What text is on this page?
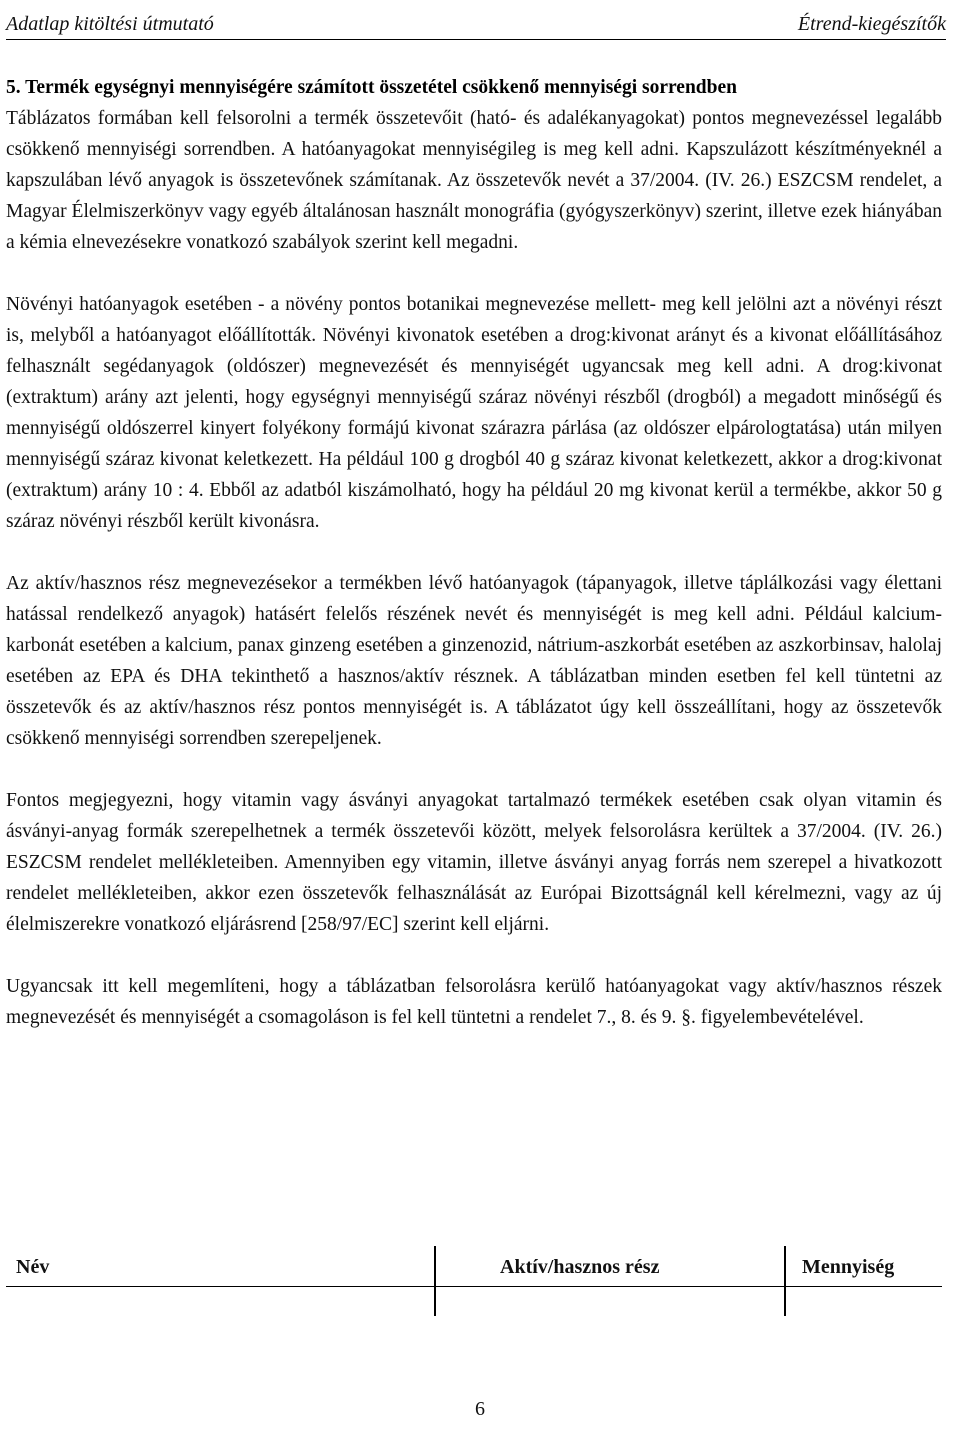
Adatlap kitöltési útmutató	Étrend-kiegészítők

5. Termék egységnyi mennyiségére számított összetétel csökkenő mennyiségi sorrendben

Táblázatos formában kell felsorolni a termék összetevőit (ható- és adalékanyagokat) pontos megnevezéssel legalább csökkenő mennyiségi sorrendben. A hatóanyagokat mennyiségileg is meg kell adni. Kapszulázott készítményeknél a kapszulában lévő anyagok is összetevőnek számítanak. Az összetevők nevét a 37/2004. (IV. 26.) ESZCSM rendelet, a Magyar Élelmiszerkönyv vagy egyéb általánosan használt monográfia (gyógyszerkönyv) szerint, illetve ezek hiányában a kémia elnevezésekre vonatkozó szabályok szerint kell megadni.

Növényi hatóanyagok esetében - a növény pontos botanikai megnevezése mellett- meg kell jelölni azt a növényi részt is, melyből a hatóanyagot előállították. Növényi kivonatok esetében a drog:kivonat arányt és a kivonat előállításához felhasznált segédanyagok (oldószer) megnevezését és mennyiségét ugyancsak meg kell adni. A drog:kivonat (extraktum) arány azt jelenti, hogy egységnyi mennyiségű száraz növényi részből (drogból) a megadott minőségű és mennyiségű oldószerrel kinyert folyékony formájú kivonat szárazra párlása (az oldószer elpárologtatása) után milyen mennyiségű száraz kivonat keletkezett. Ha például 100 g drogból 40 g száraz kivonat keletkezett, akkor a drog:kivonat (extraktum) arány 10 : 4. Ebből az adatból kiszámolható, hogy ha például 20 mg kivonat kerül a termékbe, akkor 50 g száraz növényi részből került kivonásra.

Az aktív/hasznos rész megnevezésekor a termékben lévő hatóanyagok (tápanyagok, illetve táplálkozási vagy élettani hatással rendelkező anyagok) hatásért felelős részének nevét és mennyiségét is meg kell adni. Például kalcium-karbonát esetében a kalcium, panax ginzeng esetében a ginzenozid, nátrium-aszkorbát esetében az aszkorbinsav, halolaj esetében az EPA és DHA tekinthető a hasznos/aktív résznek. A táblázatban minden esetben fel kell tüntetni az összetevők és az aktív/hasznos rész pontos mennyiségét is. A táblázatot úgy kell összeállítani, hogy az összetevők csökkenő mennyiségi sorrendben szerepeljenek.

Fontos megjegyezni, hogy vitamin vagy ásványi anyagokat tartalmazó termékek esetében csak olyan vitamin és ásványi-anyag formák szerepelhetnek a termék összetevői között, melyek felsorolásra kerültek a 37/2004. (IV. 26.) ESZCSM rendelet mellékleteiben. Amennyiben egy vitamin, illetve ásványi anyag forrás nem szerepel a hivatkozott rendelet mellékleteiben, akkor ezen összetevők felhasználását az Európai Bizottságnál kell kérelmezni, vagy az új élelmiszerekre vonatkozó eljárásrend [258/97/EC] szerint kell eljárni.

Ugyancsak itt kell megemlíteni, hogy a táblázatban felsorolásra kerülő hatóanyagokat vagy aktív/hasznos részek megnevezését és mennyiségét a csomagoláson is fel kell tüntetni a rendelet 7., 8. és 9. §. figyelembevételével.

Név	Aktív/hasznos rész	Mennyiség
6
